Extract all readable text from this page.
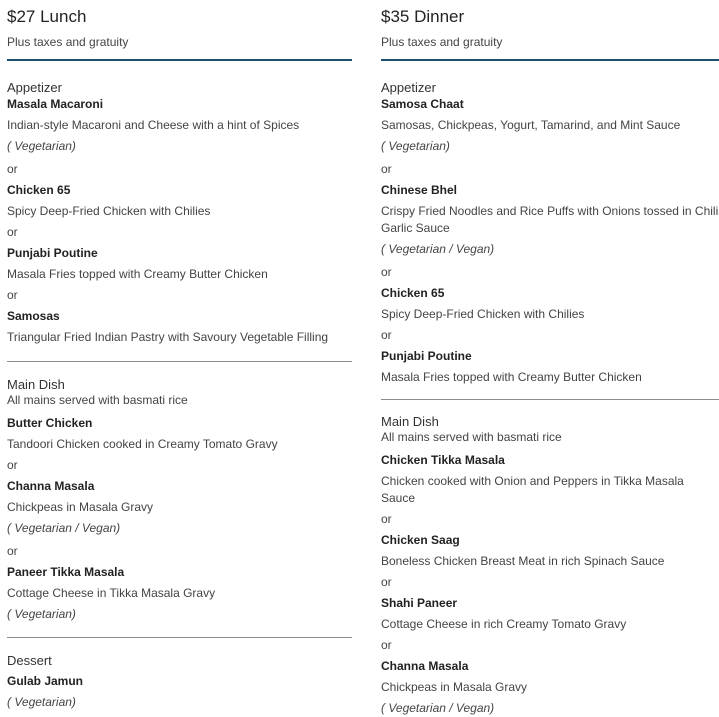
$27 Lunch
Plus taxes and gratuity
Appetizer
Masala Macaroni
Indian-style Macaroni and Cheese with a hint of Spices
( Vegetarian)
or
Chicken 65
Spicy Deep-Fried Chicken with Chilies
or
Punjabi Poutine
Masala Fries topped with Creamy Butter Chicken
or
Samosas
Triangular Fried Indian Pastry with Savoury Vegetable Filling
Main Dish
All mains served with basmati rice
Butter Chicken
Tandoori Chicken cooked in Creamy Tomato Gravy
or
Channa Masala
Chickpeas in Masala Gravy
( Vegetarian / Vegan)
or
Paneer Tikka Masala
Cottage Cheese in Tikka Masala Gravy
( Vegetarian)
Dessert
Gulab Jamun
( Vegetarian)
$35 Dinner
Plus taxes and gratuity
Appetizer
Samosa Chaat
Samosas, Chickpeas, Yogurt, Tamarind, and Mint Sauce
( Vegetarian)
or
Chinese Bhel
Crispy Fried Noodles and Rice Puffs with Onions tossed in Chili Garlic Sauce
( Vegetarian / Vegan)
or
Chicken 65
Spicy Deep-Fried Chicken with Chilies
or
Punjabi Poutine
Masala Fries topped with Creamy Butter Chicken
Main Dish
All mains served with basmati rice
Chicken Tikka Masala
Chicken cooked with Onion and Peppers in Tikka Masala Sauce
or
Chicken Saag
Boneless Chicken Breast Meat in rich Spinach Sauce
or
Shahi Paneer
Cottage Cheese in rich Creamy Tomato Gravy
or
Channa Masala
Chickpeas in Masala Gravy
( Vegetarian / Vegan)
